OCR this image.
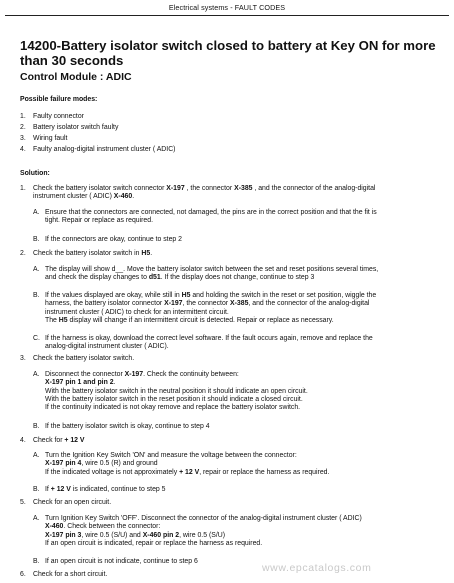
Electrical systems - FAULT CODES
14200-Battery isolator switch closed to battery at Key ON for more than 30 seconds
Control Module : ADIC

Possible failure modes:

1. Faulty connector
2. Battery isolator switch faulty
3. Wiring fault
4. Faulty analog-digital instrument cluster ( ADIC)

Solution:

1. Check the battery isolator switch connector X-197 , the connector X-385 , and the connector of the analog-digital
instrument cluster ( ADIC) X-460.
A. Ensure that the connectors are connected, not damaged, the pins are in the correct position and that the fit is
tight. Repair or replace as required.
B. If the connectors are okay, continue to step 2
2. Check the battery isolator switch in H5.
A. The display will show d__. Move the battery isolator switch between the set and reset positions several times,
and check the display changes to d51. If the display does not change, continue to step 3
B. If the values displayed are okay, while still in H5 and holding the switch in the reset or set position, wiggle the
harness, the battery isolator connector X-197, the connector X-385, and the connector of the analog-digital
instrument cluster ( ADIC) to check for an intermittent circuit.
The H5 display will change if an intermittent circuit is detected. Repair or replace as necessary.
C. If the harness is okay, download the correct level software. If the fault occurs again, remove and replace the
analog-digital instrument cluster ( ADIC).
3. Check the battery isolator switch.
A. Disconnect the connector X-197. Check the continuity between:
X-197 pin 1 and pin 2.
With the battery isolator switch in the neutral position it should indicate an open circuit.
With the battery isolator switch in the reset position it should indicate a closed circuit.
If the continuity indicated is not okay remove and replace the battery isolator switch.
B. If the battery isolator switch is okay, continue to step 4
4. Check for + 12 V
A. Turn the Ignition Key Switch 'ON' and measure the voltage between the connector:
X-197 pin 4, wire 0.5 (R) and ground
If the indicated voltage is not approximately + 12 V, repair or replace the harness as required.
B. If + 12 V is indicated, continue to step 5
5. Check for an open circuit.
A. Turn Ignition Key Switch 'OFF'. Disconnect the connector of the analog-digital instrument cluster ( ADIC)
X-460. Check between the connector:
X-197 pin 3, wire 0.5 (S/U) and X-460 pin 2, wire 0.5 (S/U)
If an open circuit is indicated, repair or replace the harness as required.
B. If an open circuit is not indicate, continue to step 6
6. Check for a short circuit.
www.epcatalogs.com
